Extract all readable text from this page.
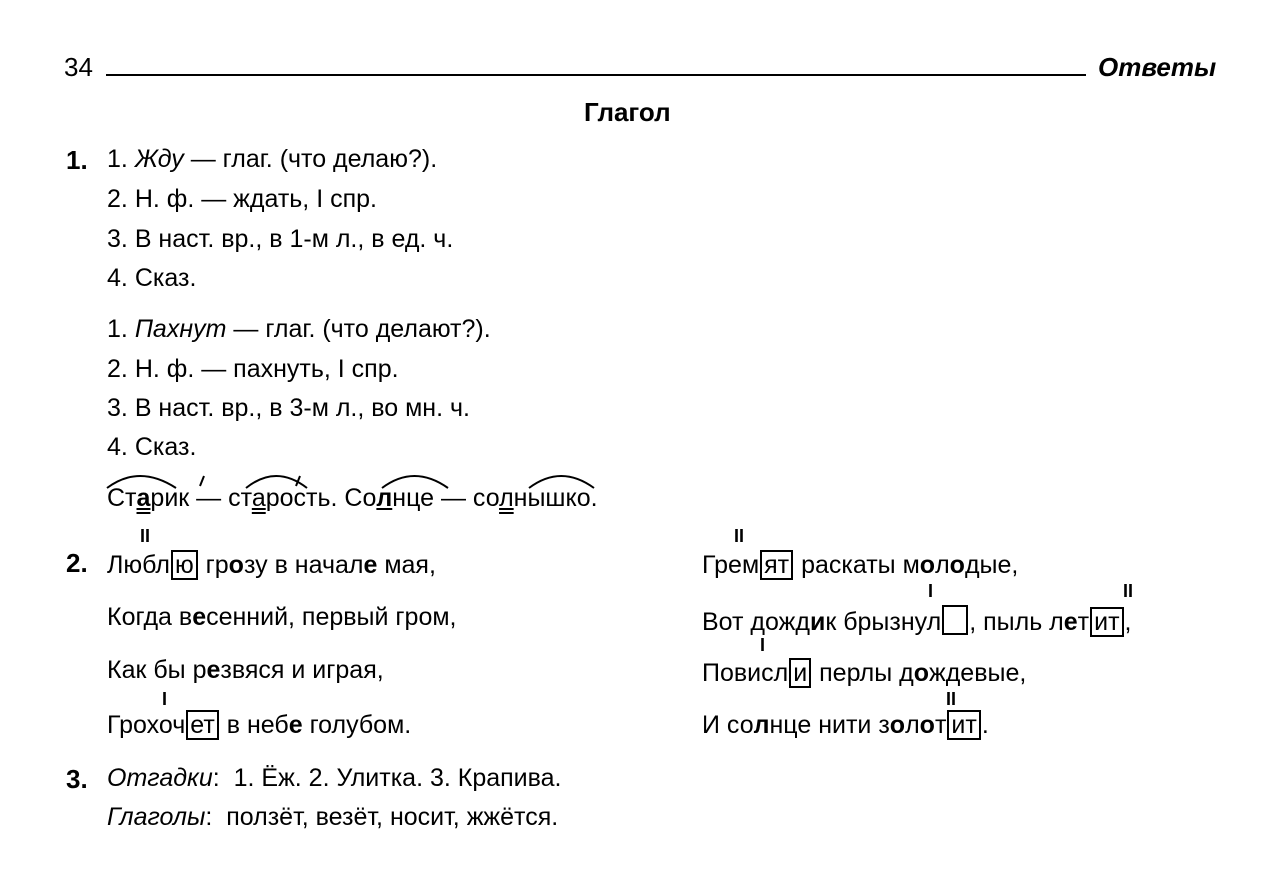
34	Ответы
Глагол
1. 1. Жду — глаг. (что делаю?).
2. Н. ф. — ждать, I спр.
3. В наст. вр., в 1-м л., в ед. ч.
4. Сказ.
1. Пахнут — глаг. (что делают?).
2. Н. ф. — пахнуть, I спр.
3. В наст. вр., в 3-м л., во мн. ч.
4. Сказ.
Старик — старость. Солнце — солнышко.
2.
II
Любл ю грозу в начале мая,
Когда весенний, первый гром,
Как бы резвяся и играя,
I
Грохоч ет в небе голубом.
II
Грем ят раскаты молодые,
I	II
Вот дождик брызнул , пыль лет ит ,
I
Повисл и перлы дождевые,
II
И солнце нити золот ит .
3. Отгадки:  1. Ёж. 2. Улитка. 3. Крапива.
Глаголы:  ползёт, везёт, носит, жжётся.
